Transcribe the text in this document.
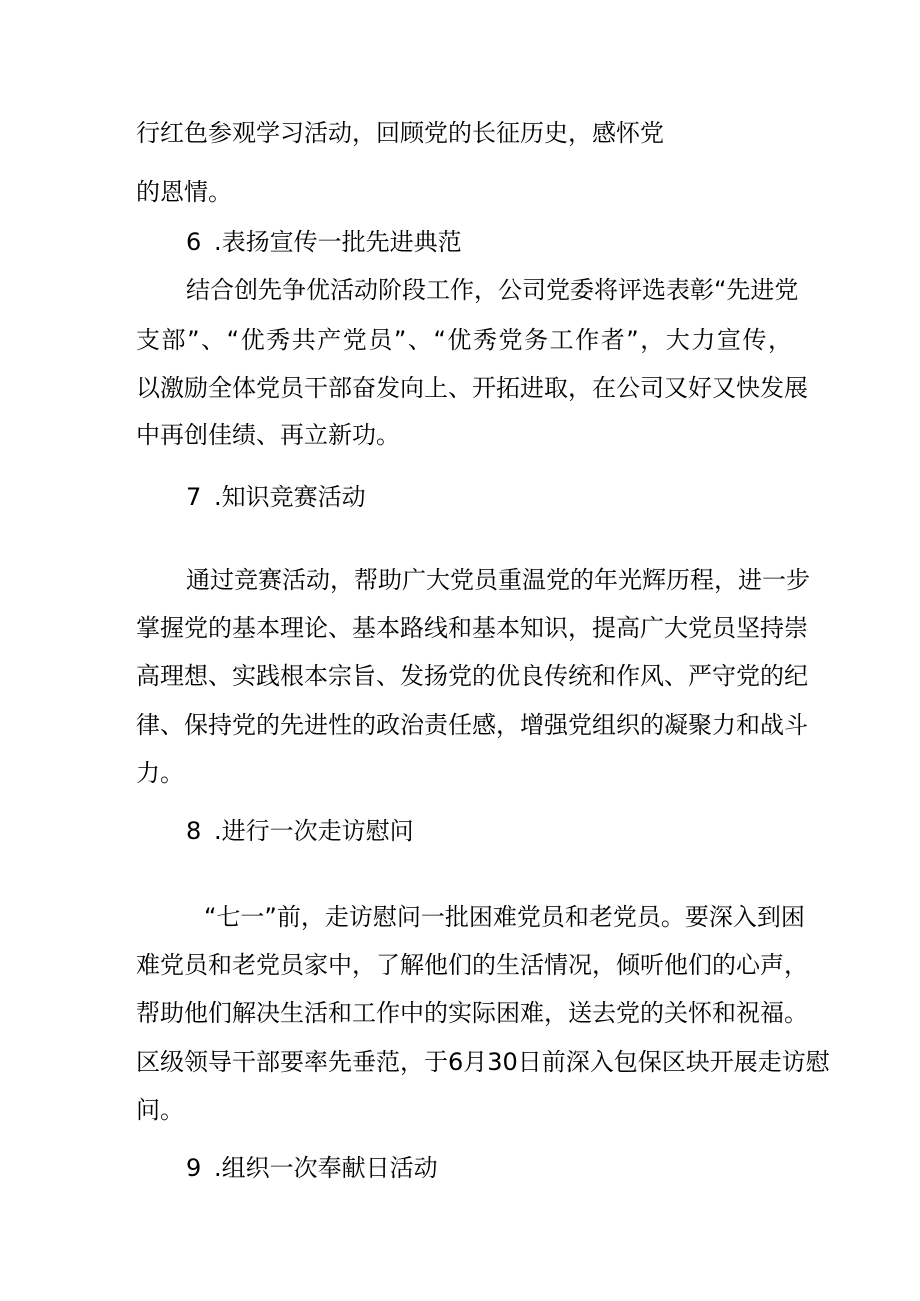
行红色参观学习活动，回顾党的长征历史，感怀党
的恩情。
6 .表扬宣传一批先进典范
结合创先争优活动阶段工作，公司党委将评选表彰“先进党
支部”、“优秀共产党员”、“优秀党务工作者”，大力宣传，
以激励全体党员干部奋发向上、开拓进取，在公司又好又快发展
中再创佳绩、再立新功。
7 .知识竞赛活动
通过竞赛活动，帮助广大党员重温党的年光辉历程，进一步
掌握党的基本理论、基本路线和基本知识，提高广大党员坚持崇
高理想、实践根本宗旨、发扬党的优良传统和作风、严守党的纪
律、保持党的先进性的政治责任感，增强党组织的凝聚力和战斗
力。
8 .进行一次走访慰问
“七一”前，走访慰问一批困难党员和老党员。要深入到困
难党员和老党员家中，了解他们的生活情况，倾听他们的心声，
帮助他们解决生活和工作中的实际困难，送去党的关怀和祝福。
区级领导干部要率先垂范，于6月30日前深入包保区块开展走访慰
问。
9 .组织一次奉献日活动
